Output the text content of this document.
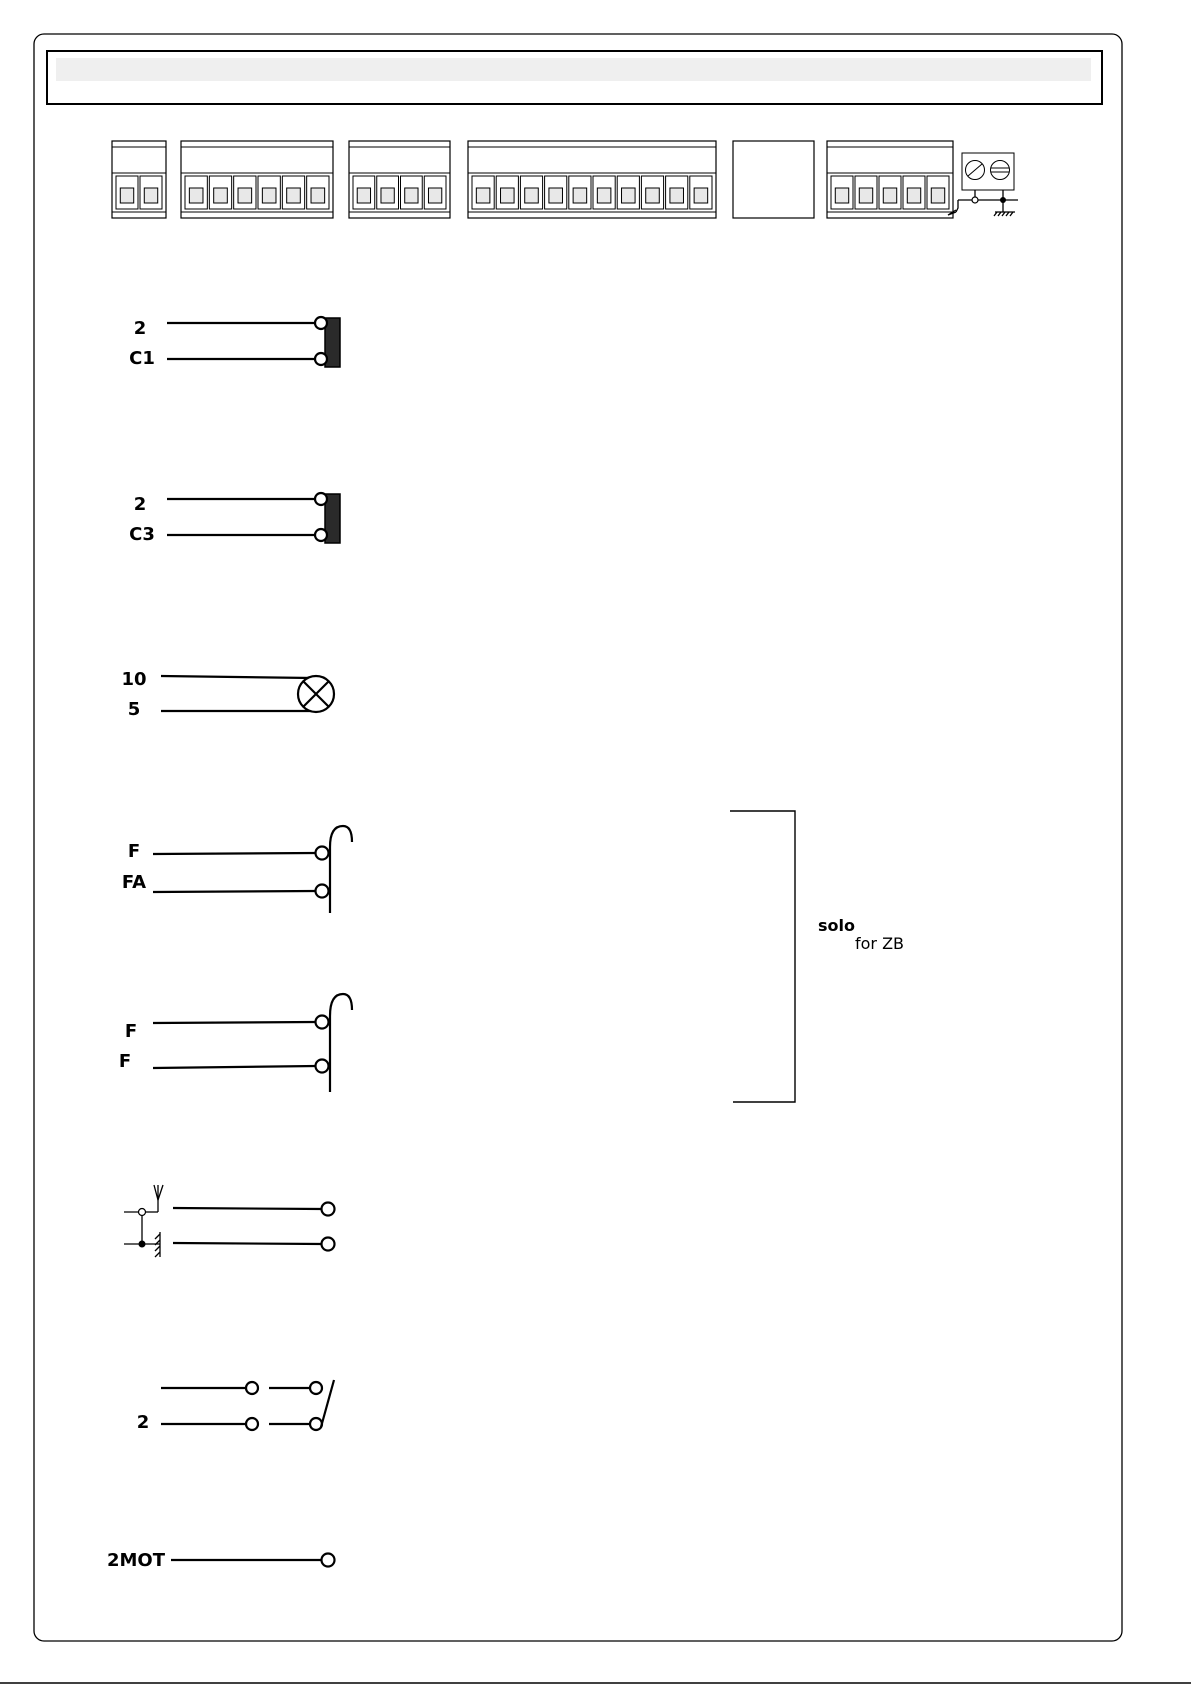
2
C1
2
C3
10
5
F
FA
F
F
solo
for ZB
2
2MOT
